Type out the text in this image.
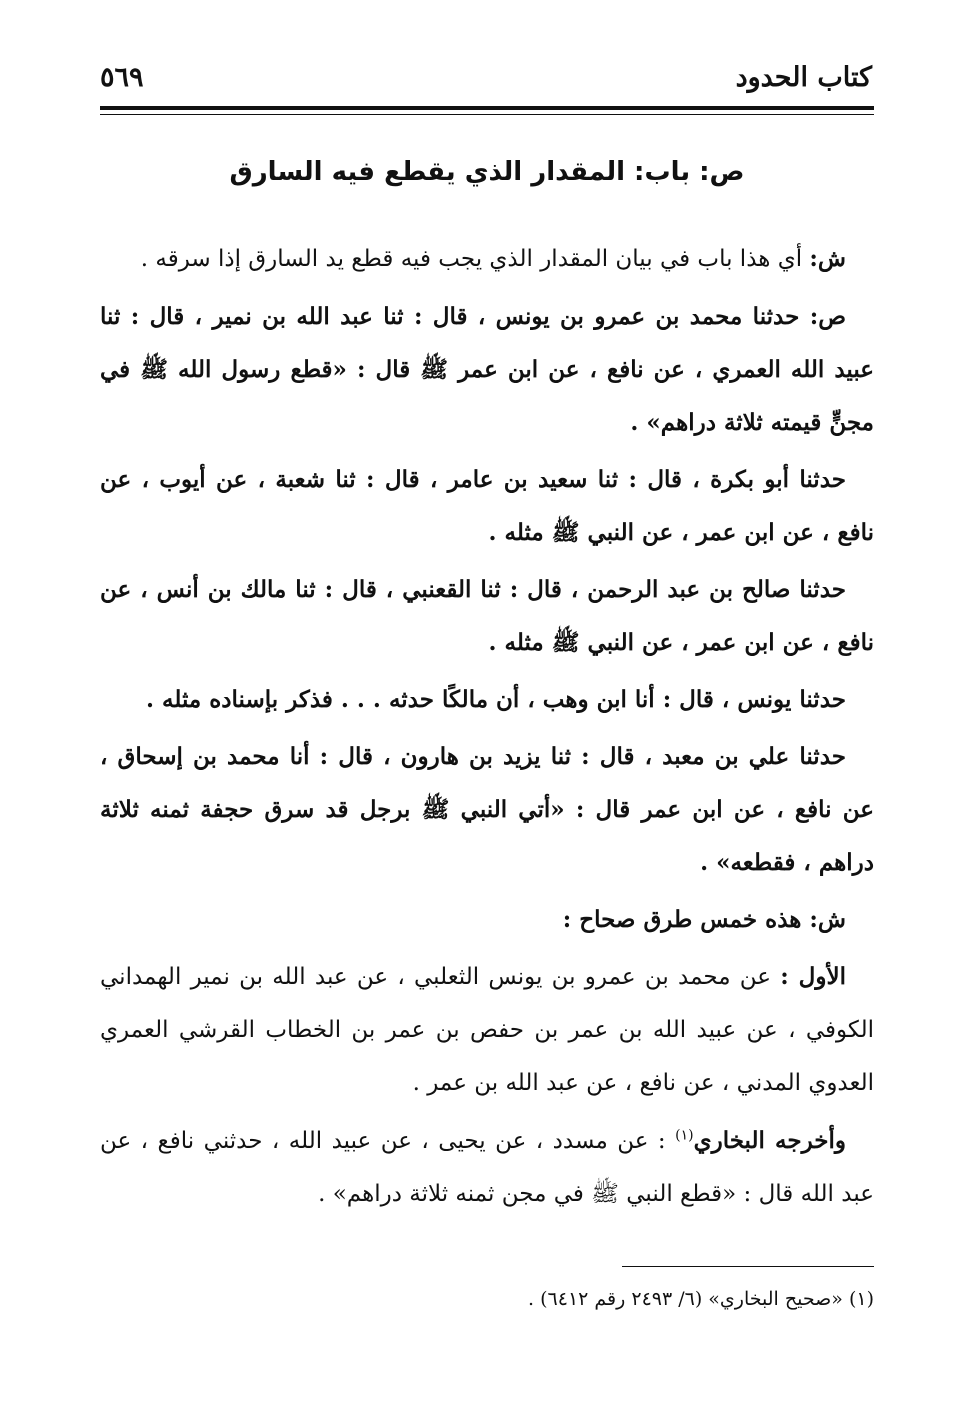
كتاب الحدود
٥٦٩
ص: باب: المقدار الذي يقطع فيه السارق

ش: أي هذا باب في بيان المقدار الذي يجب فيه قطع يد السارق إذا سرقه .

ص: حدثنا محمد بن عمرو بن يونس ، قال : ثنا عبد الله بن نمير ، قال : ثنا عبيد الله العمري ، عن نافع ، عن ابن عمر ﷺ قال : «قطع رسول الله ﷺ في مجنٍّ قيمته ثلاثة دراهم» .

حدثنا أبو بكرة ، قال : ثنا سعيد بن عامر ، قال : ثنا شعبة ، عن أيوب ، عن نافع ، عن ابن عمر ، عن النبي ﷺ مثله .

حدثنا صالح بن عبد الرحمن ، قال : ثنا القعنبي ، قال : ثنا مالك بن أنس ، عن نافع ، عن ابن عمر ، عن النبي ﷺ مثله .

حدثنا يونس ، قال : أنا ابن وهب ، أن مالكًا حدثه . . . فذكر بإسناده مثله .

حدثنا علي بن معبد ، قال : ثنا يزيد بن هارون ، قال : أنا محمد بن إسحاق ، عن نافع ، عن ابن عمر قال : «أتي النبي ﷺ برجل قد سرق حجفة ثمنه ثلاثة دراهم ، فقطعه» .

ش: هذه خمس طرق صحاح :

الأول : عن محمد بن عمرو بن يونس الثعلبي ، عن عبد الله بن نمير الهمداني الكوفي ، عن عبيد الله بن عمر بن حفص بن عمر بن الخطاب القرشي العمري العدوي المدني ، عن نافع ، عن عبد الله بن عمر .

وأخرجه البخاري$^{(١)}$ : عن مسدد ، عن يحيى ، عن عبيد الله ، حدثني نافع ، عن عبد الله قال : «قطع النبي ﷺ في مجن ثمنه ثلاثة دراهم» .

(١) «صحيح البخاري» (٦/ ٢٤٩٣ رقم ٦٤١٢) .
